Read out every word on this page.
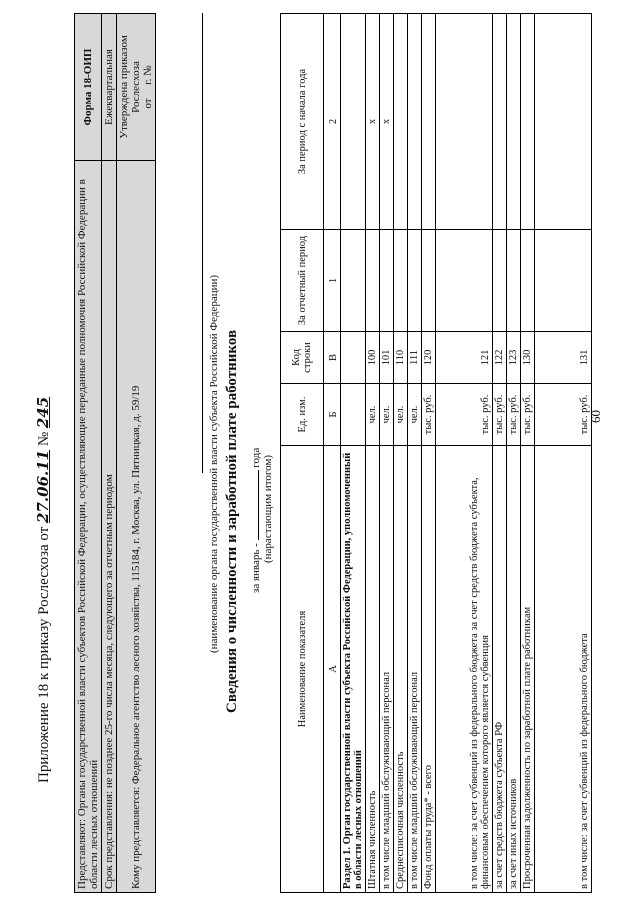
Приложение 18 к приказу Рослесхоза от 27.06.11 № 245 Представляют: Органы государственной власти субъектов Российской Федерации, осуществляющие переданные полномочия Российской Федерации в области лесных отношений	Форма 18-ОИП
Срок представления: не позднее 25-го числа месяца, следующего за отчетным периодом	Ежеквартальная
Кому представляется: Федеральное агентство лесного хозяйства, 115184, г. Москва, ул. Пятницкая, д. 59/19	Утверждена приказом Рослесхоза от     г. №
(наименование органа государственной власти субъекта Российской Федерации) Сведения о численности и заработной плате работников за январь -  года (нарастающим итогом)
Наименование показателя	Ед. изм.	Код строки	За отчетный период	За период с начала года
А	Б	В	1	2
Раздел 1. Орган государственной власти субъекта Российской Федерации, уполномоченный в области лесных отношений				
Штатная численность	чел.	100		x
в том числе младший обслуживающий персонал	чел.	101		x
Среднесписочная численность	чел.	110		
в том числе младший обслуживающий персонал	чел.	111		
Фонд оплаты труда* - всего	тыс. руб.	120		
в том числе: за счет субвенций из федерального бюджета за счет средств бюджета субъекта, финансовым обеспечением которого является субвенция	тыс. руб.	121		
за счет средств бюджета субъекта РФ	тыс. руб.	122		
за счет иных источников	тыс. руб.	123		
Просроченная задолженность по заработной плате работникам	тыс. руб.	130		
в том числе: за счет субвенций из федерального бюджета	тыс. руб.	131		
60
